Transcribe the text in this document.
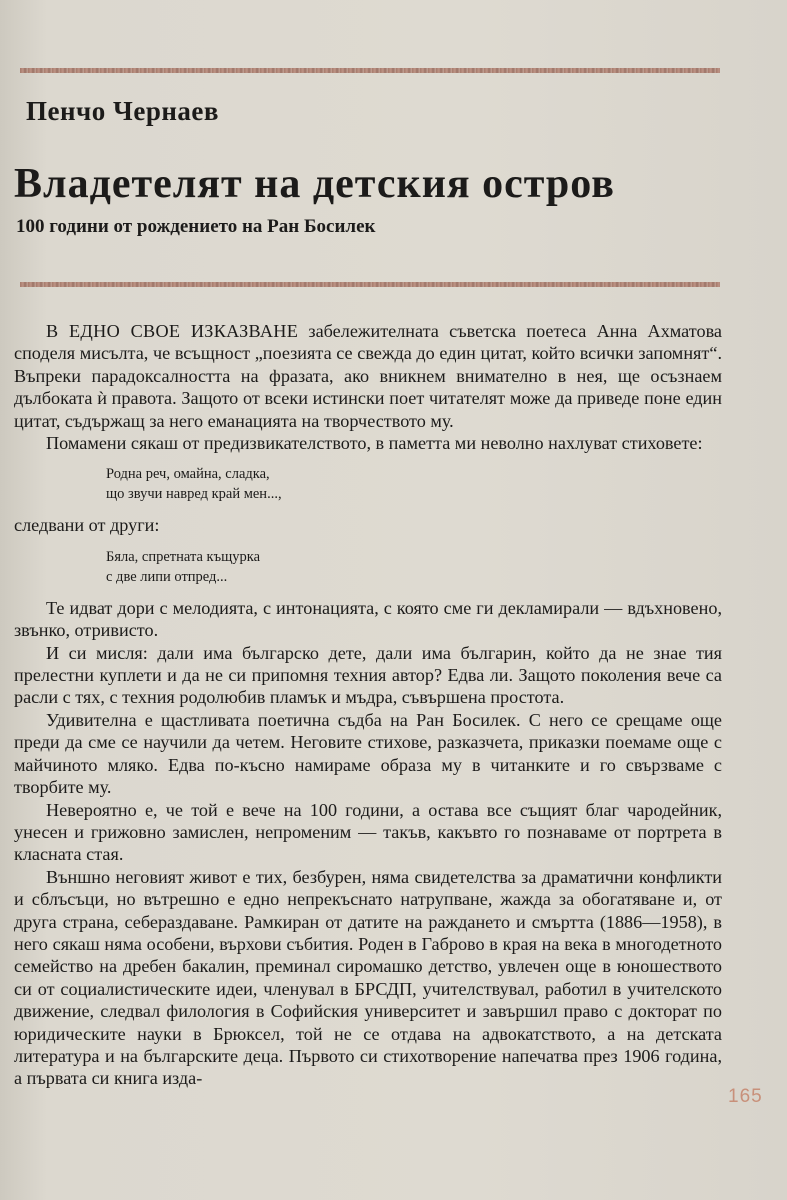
Пенчо Чернаев
Владетелят на детския остров
100 години от рождението на Ран Босилек

В ЕДНО СВОЕ ИЗКАЗВАНЕ забележителната съветска поетеса Анна Ахматова споделя мисълта, че всъщност „поезията се свежда до един цитат, който всички запомнят“. Въпреки парадоксалността на фразата, ако вникнем внимателно в нея, ще осъзнаем дълбоката ѝ правота. Защото от всеки истински поет читателят може да приведе поне един цитат, съдържащ за него еманацията на творчеството му.

Помамени сякаш от предизвикателството, в паметта ми неволно нахлуват стиховете:

Родна реч, омайна, сладка,
що звучи навред край мен...,

следвани от други:

Бяла, спретната къщурка
с две липи отпред...

Те идват дори с мелодията, с интонацията, с която сме ги декламирали — вдъхновено, звънко, отривисто.

И си мисля: дали има българско дете, дали има българин, който да не знае тия прелестни куплети и да не си припомня техния автор? Едва ли. Защото поколения вече са расли с тях, с техния родолюбив пламък и мъдра, съвършена простота.

Удивителна е щастливата поетична съдба на Ран Босилек. С него се срещаме още преди да сме се научили да четем. Неговите стихове, разказчета, приказки поемаме още с майчиното мляко. Едва по-късно намираме образа му в читанките и го свързваме с творбите му.

Невероятно е, че той е вече на 100 години, а остава все същият благ чародейник, унесен и грижовно замислен, непроменим — такъв, какъвто го познаваме от портрета в класната стая.

Външно неговият живот е тих, безбурен, няма свидетелства за драматични конфликти и сблъсъци, но вътрешно е едно непрекъснато натрупване, жажда за обогатяване и, от друга страна, себераздаване. Рамкиран от датите на раждането и смъртта (1886—1958), в него сякаш няма особени, върхови събития. Роден в Габрово в края на века в многодетното семейство на дребен бакалин, преминал сиромашко детство, увлечен още в юношеството си от социалистическите идеи, членувал в БРСДП, учителствувал, работил в учителското движение, следвал филология в Софийския университет и завършил право с докторат по юридическите науки в Брюксел, той не се отдава на адвокатството, а на детската литература и на българските деца. Първото си стихотворение напечатва през 1906 година, а първата си книга изда-

165
